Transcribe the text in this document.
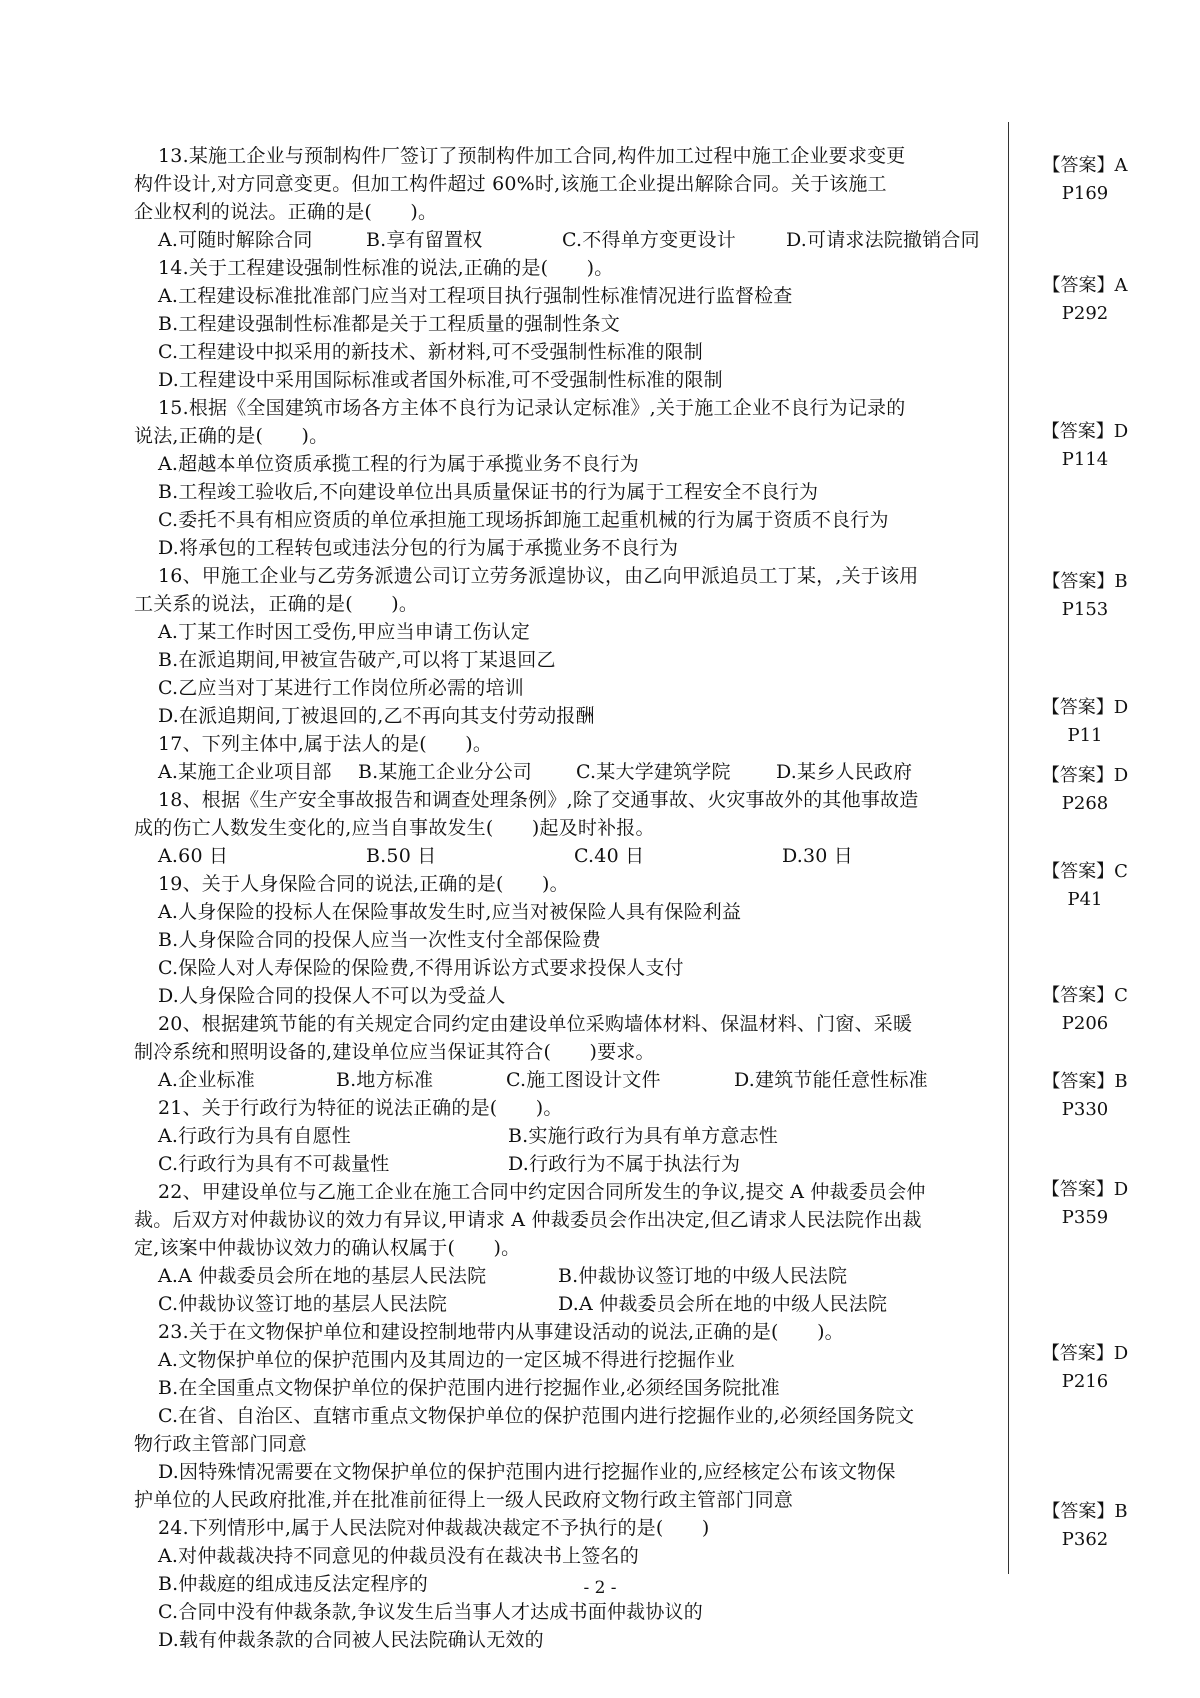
13.某施工企业与预制构件厂签订了预制构件加工合同,构件加工过程中施工企业要求变更
构件设计,对方同意变更。但加工构件超过 60%时,该施工企业提出解除合同。关于该施工
企业权利的说法。正确的是(　　)。
A.可随时解除合同	B.享有留置权	C.不得单方变更设计	D.可请求法院撤销合同
14.关于工程建设强制性标准的说法,正确的是(　　)。
A.工程建设标准批准部门应当对工程项目执行强制性标准情况进行监督检查
B.工程建设强制性标准都是关于工程质量的强制性条文
C.工程建设中拟采用的新技术、新材料,可不受强制性标准的限制
D.工程建设中采用国际标准或者国外标准,可不受强制性标准的限制
15.根据《全国建筑市场各方主体不良行为记录认定标准》,关于施工企业不良行为记录的
说法,正确的是(　　)。
A.超越本单位资质承揽工程的行为属于承揽业务不良行为
B.工程竣工验收后,不向建设单位出具质量保证书的行为属于工程安全不良行为
C.委托不具有相应资质的单位承担施工现场拆卸施工起重机械的行为属于资质不良行为
D.将承包的工程转包或违法分包的行为属于承揽业务不良行为
16、甲施工企业与乙劳务派遗公司订立劳务派遑协议，由乙向甲派追员工丁某，,关于该用
工关系的说法，正确的是(　　)。
A.丁某工作时因工受伤,甲应当申请工伤认定
B.在派追期间,甲被宣告破产,可以将丁某退回乙
C.乙应当对丁某进行工作岗位所必需的培训
D.在派追期间,丁被退回的,乙不再向其支付劳动报酬
17、下列主体中,属于法人的是(　　)。
A.某施工企业项目部	B.某施工企业分公司	C.某大学建筑学院	D.某乡人民政府
18、根据《生产安全事故报告和调查处理条例》,除了交通事故、火灾事故外的其他事故造
成的伤亡人数发生变化的,应当自事故发生(　　)起及时补报。
A.60 日	B.50 日	C.40 日	D.30 日
19、关于人身保险合同的说法,正确的是(　　)。
A.人身保险的投标人在保险事故发生时,应当对被保险人具有保险利益
B.人身保险合同的投保人应当一次性支付全部保险费
C.保险人对人寿保险的保险费,不得用诉讼方式要求投保人支付
D.人身保险合同的投保人不可以为受益人
20、根据建筑节能的有关规定合同约定由建设单位采购墙体材料、保温材料、门窗、采暖
制冷系统和照明设备的,建设单位应当保证其符合(　　)要求。
A.企业标准	B.地方标准	C.施工图设计文件	D.建筑节能任意性标准
21、关于行政行为特征的说法正确的是(　　)。
A.行政行为具有自愿性	B.实施行政行为具有单方意志性
C.行政行为具有不可裁量性	D.行政行为不属于执法行为
22、甲建设单位与乙施工企业在施工合同中约定因合同所发生的争议,提交 A 仲裁委员会仲
裁。后双方对仲裁协议的效力有异议,甲请求 A 仲裁委员会作出决定,但乙请求人民法院作出裁
定,该案中仲裁协议效力的确认权属于(　　)。
A.A 仲裁委员会所在地的基层人民法院	B.仲裁协议签订地的中级人民法院
C.仲裁协议签订地的基层人民法院	D.A 仲裁委员会所在地的中级人民法院
23.关于在文物保护单位和建设控制地带内从事建设活动的说法,正确的是(　　)。
A.文物保护单位的保护范围内及其周边的一定区城不得进行挖掘作业
B.在全国重点文物保护单位的保护范围内进行挖掘作业,必须经国务院批准
C.在省、自治区、直辖市重点文物保护单位的保护范围内进行挖掘作业的,必须经国务院文
物行政主管部门同意
D.因特殊情况需要在文物保护单位的保护范围内进行挖掘作业的,应经核定公布该文物保
护单位的人民政府批准,并在批准前征得上一级人民政府文物行政主管部门同意
24.下列情形中,属于人民法院对仲裁裁决裁定不予执行的是(　　)
A.对仲裁裁决持不同意见的仲裁员没有在裁决书上签名的
B.仲裁庭的组成违反法定程序的
C.合同中没有仲裁条款,争议发生后当事人才达成书面仲裁协议的
D.载有仲裁条款的合同被人民法院确认无效的
【答案】A
P169
【答案】A
P292
【答案】D
P114
【答案】B
P153
【答案】D
P11
【答案】D
P268
【答案】C
P41
【答案】C
P206
【答案】B
P330
【答案】D
P359
【答案】D
P216
【答案】B
P362
- 2 -
